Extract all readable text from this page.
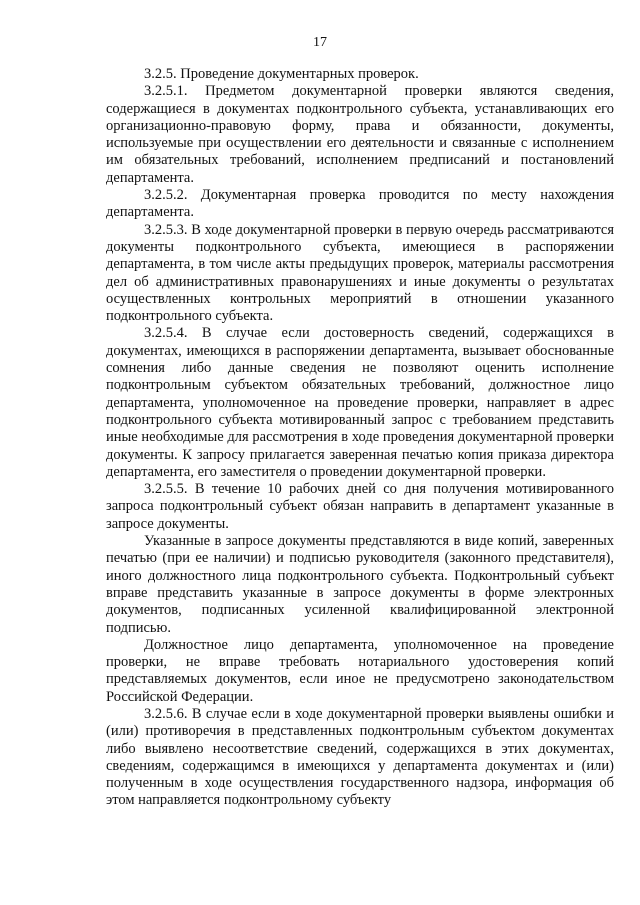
17

3.2.5. Проведение документарных проверок.

3.2.5.1. Предметом документарной проверки являются сведения, содержащиеся в документах подконтрольного субъекта, устанавливающих его организационно-правовую форму, права и обязанности, документы, используемые при осуществлении его деятельности и связанные с исполнением им обязательных требований, исполнением предписаний и постановлений департамента.

3.2.5.2. Документарная проверка проводится по месту нахождения департамента.

3.2.5.3. В ходе документарной проверки в первую очередь рассматриваются документы подконтрольного субъекта, имеющиеся в распоряжении департамента, в том числе акты предыдущих проверок, материалы рассмотрения дел об административных правонарушениях и иные документы о результатах осуществленных контрольных мероприятий в отношении указанного подконтрольного субъекта.

3.2.5.4. В случае если достоверность сведений, содержащихся в документах, имеющихся в распоряжении департамента, вызывает обоснованные сомнения либо данные сведения не позволяют оценить исполнение подконтрольным субъектом обязательных требований, должностное лицо департамента, уполномоченное на проведение проверки, направляет в адрес подконтрольного субъекта мотивированный запрос с требованием представить иные необходимые для рассмотрения в ходе проведения документарной проверки документы. К запросу прилагается заверенная печатью копия приказа директора департамента, его заместителя о проведении документарной проверки.

3.2.5.5. В течение 10 рабочих дней со дня получения мотивированного запроса подконтрольный субъект обязан направить в департамент указанные в запросе документы.

Указанные в запросе документы представляются в виде копий, заверенных печатью (при ее наличии) и подписью руководителя (законного представителя), иного должностного лица подконтрольного субъекта. Подконтрольный субъект вправе представить указанные в запросе документы в форме электронных документов, подписанных усиленной квалифицированной электронной подписью.

Должностное лицо департамента, уполномоченное на проведение проверки, не вправе требовать нотариального удостоверения копий представляемых документов, если иное не предусмотрено законодательством Российской Федерации.

3.2.5.6. В случае если в ходе документарной проверки выявлены ошибки и (или) противоречия в представленных подконтрольным субъектом документах либо выявлено несоответствие сведений, содержащихся в этих документах, сведениям, содержащимся в имеющихся у департамента документах и (или) полученным в ходе осуществления государственного надзора, информация об этом направляется подконтрольному субъекту
